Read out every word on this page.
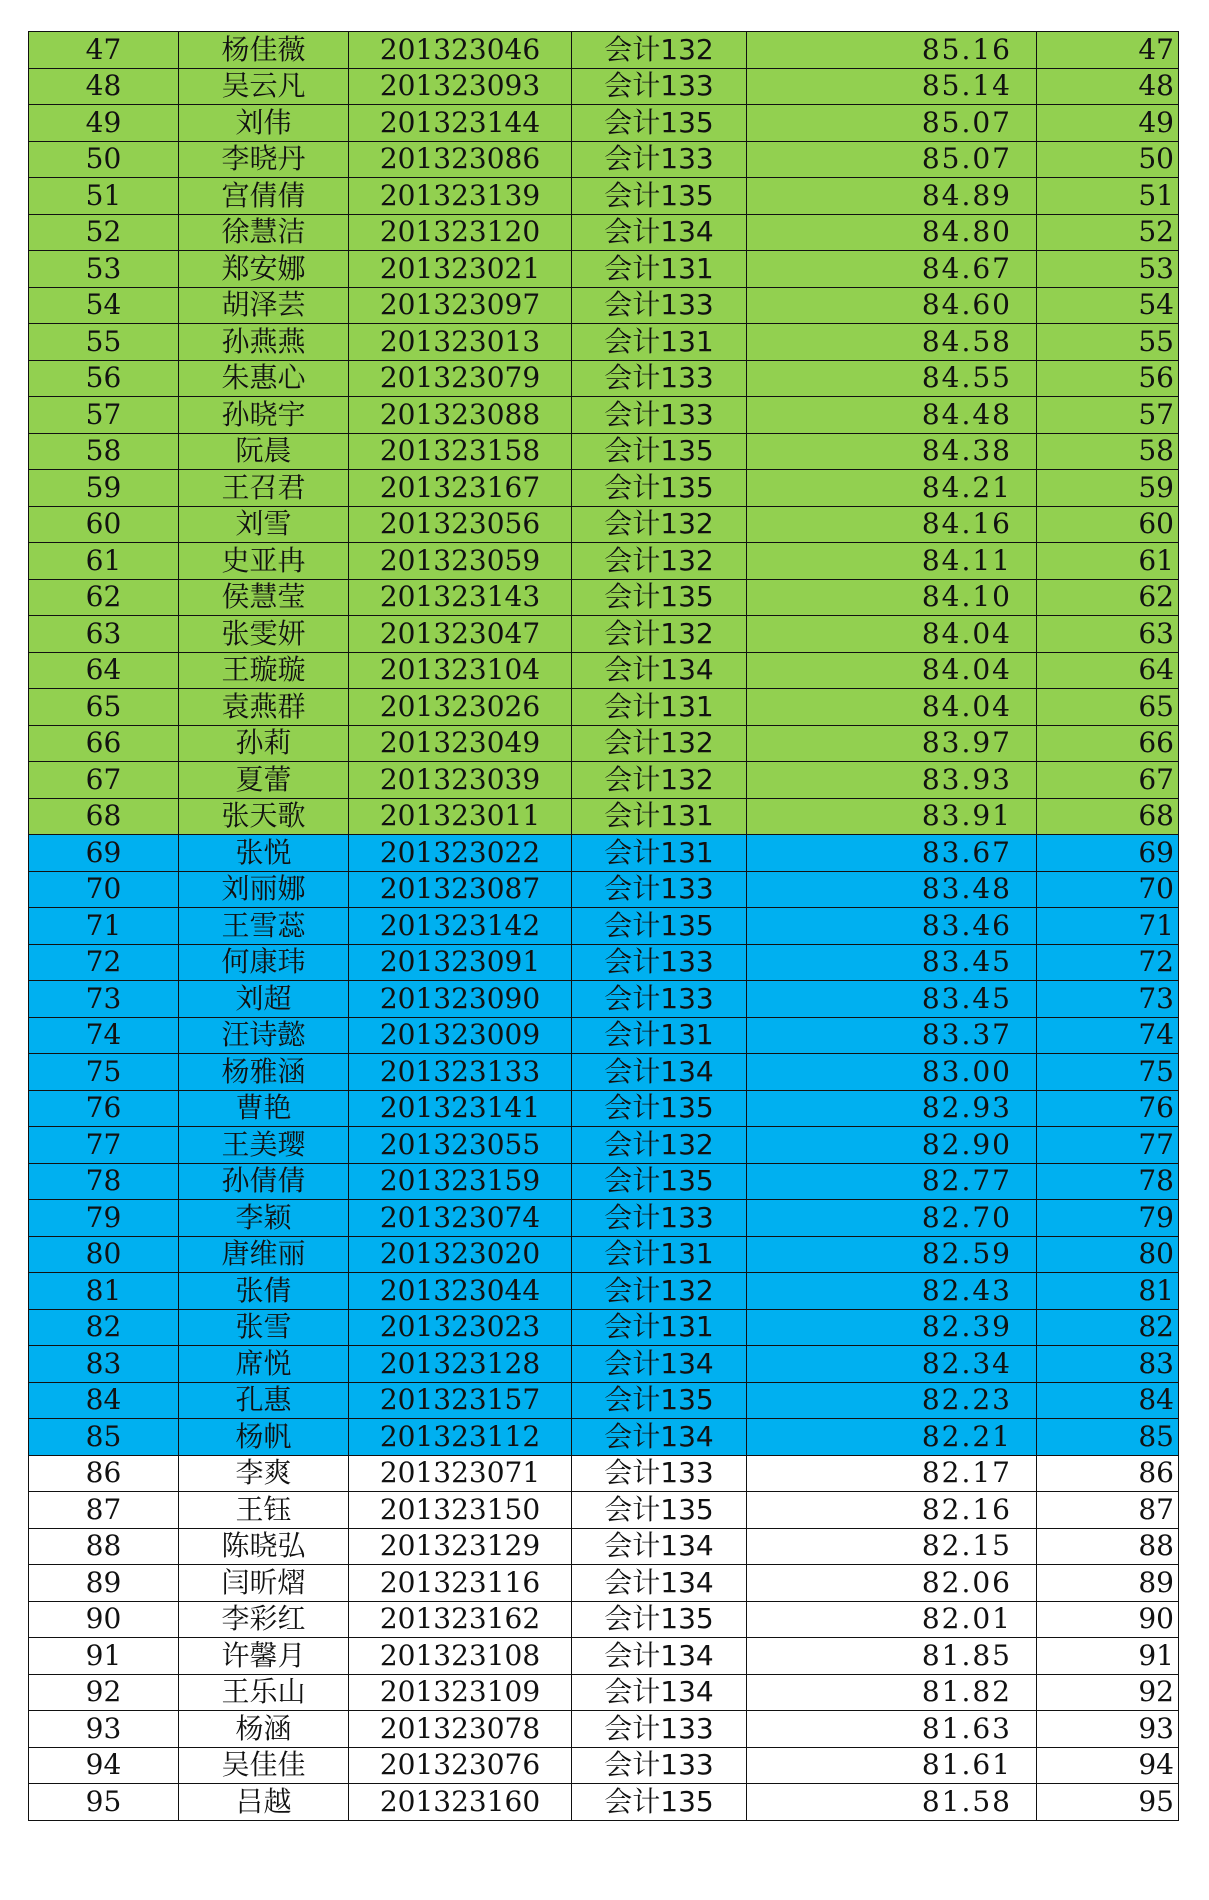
47	杨佳薇	201323046	会计132	85.16	47
48	吴云凡	201323093	会计133	85.14	48
49	刘伟	201323144	会计135	85.07	49
50	李晓丹	201323086	会计133	85.07	50
51	宫倩倩	201323139	会计135	84.89	51
52	徐慧洁	201323120	会计134	84.80	52
53	郑安娜	201323021	会计131	84.67	53
54	胡泽芸	201323097	会计133	84.60	54
55	孙燕燕	201323013	会计131	84.58	55
56	朱惠心	201323079	会计133	84.55	56
57	孙晓宇	201323088	会计133	84.48	57
58	阮晨	201323158	会计135	84.38	58
59	王召君	201323167	会计135	84.21	59
60	刘雪	201323056	会计132	84.16	60
61	史亚冉	201323059	会计132	84.11	61
62	侯慧莹	201323143	会计135	84.10	62
63	张雯妍	201323047	会计132	84.04	63
64	王璇璇	201323104	会计134	84.04	64
65	袁燕群	201323026	会计131	84.04	65
66	孙莉	201323049	会计132	83.97	66
67	夏蕾	201323039	会计132	83.93	67
68	张天歌	201323011	会计131	83.91	68
69	张悦	201323022	会计131	83.67	69
70	刘丽娜	201323087	会计133	83.48	70
71	王雪蕊	201323142	会计135	83.46	71
72	何康玮	201323091	会计133	83.45	72
73	刘超	201323090	会计133	83.45	73
74	汪诗懿	201323009	会计131	83.37	74
75	杨雅涵	201323133	会计134	83.00	75
76	曹艳	201323141	会计135	82.93	76
77	王美璎	201323055	会计132	82.90	77
78	孙倩倩	201323159	会计135	82.77	78
79	李颖	201323074	会计133	82.70	79
80	唐维丽	201323020	会计131	82.59	80
81	张倩	201323044	会计132	82.43	81
82	张雪	201323023	会计131	82.39	82
83	席悦	201323128	会计134	82.34	83
84	孔惠	201323157	会计135	82.23	84
85	杨帆	201323112	会计134	82.21	85
86	李爽	201323071	会计133	82.17	86
87	王钰	201323150	会计135	82.16	87
88	陈晓弘	201323129	会计134	82.15	88
89	闫昕熠	201323116	会计134	82.06	89
90	李彩红	201323162	会计135	82.01	90
91	许馨月	201323108	会计134	81.85	91
92	王乐山	201323109	会计134	81.82	92
93	杨涵	201323078	会计133	81.63	93
94	吴佳佳	201323076	会计133	81.61	94
95	吕越	201323160	会计135	81.58	95
